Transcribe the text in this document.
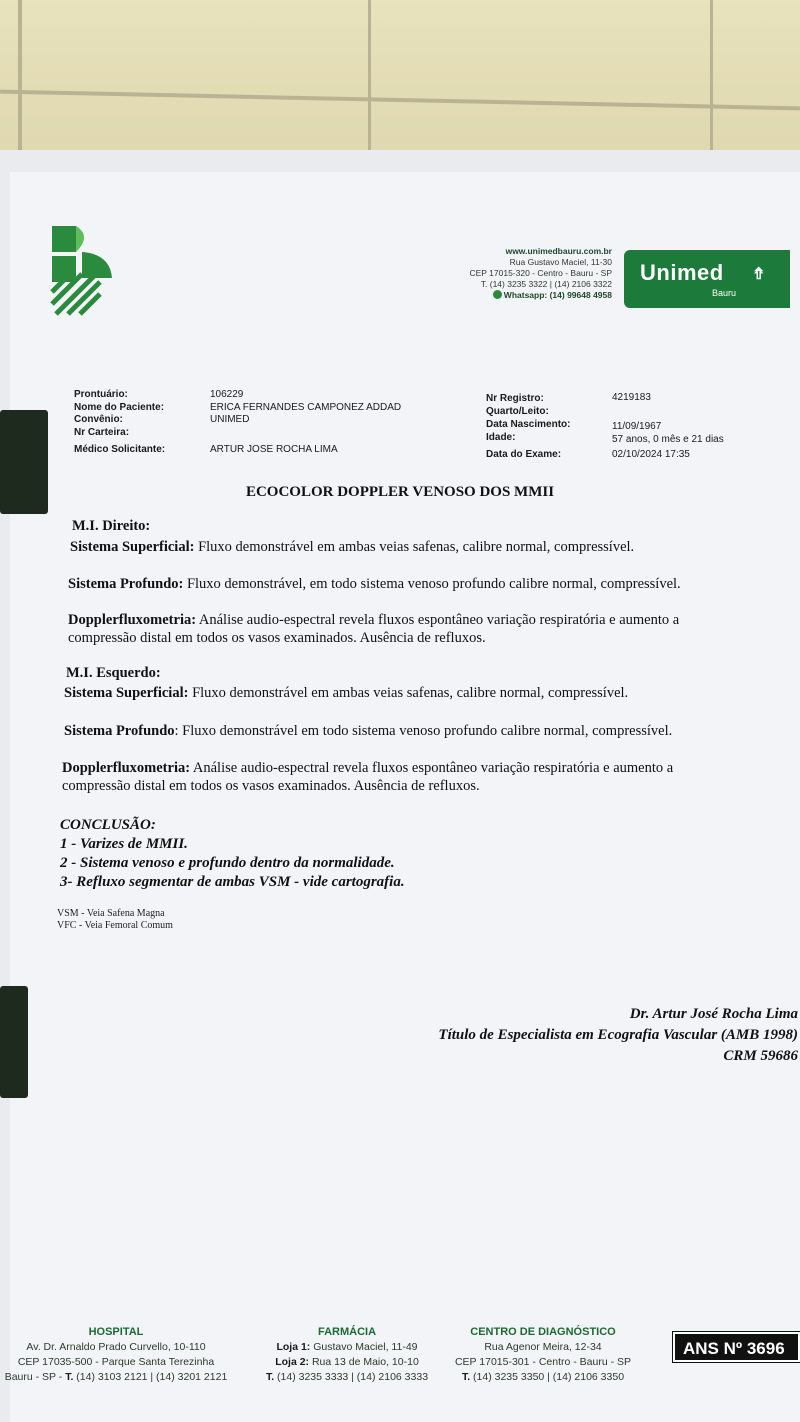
www.unimedbauru.com.br
Rua Gustavo Maciel, 11-30
CEP 17015-320 - Centro - Bauru - SP
T. (14) 3235 3322 | (14) 2106 3322
Whatsapp: (14) 99648 4958
Unimed ⇮
Bauru
Prontuário:	106229
Nome do Paciente:	ERICA FERNANDES CAMPONEZ ADDAD
Convênio:	UNIMED
Nr Carteira:
Médico Solicitante:	ARTUR JOSE ROCHA LIMA
Nr Registro:	4219183
Quarto/Leito:
Data Nascimento:	11/09/1967
Idade:	57 anos, 0 mês e 21 dias
Data do Exame:	02/10/2024 17:35
ECOCOLOR DOPPLER VENOSO DOS MMII
M.I. Direito:
Sistema Superficial: Fluxo demonstrável em ambas veias safenas, calibre normal, compressível.
Sistema Profundo: Fluxo demonstrável, em todo sistema venoso profundo calibre normal, compressível.
Dopplerfluxometria: Análise audio-espectral revela fluxos espontâneo variação respiratória e aumento a
compressão distal em todos os vasos examinados. Ausência de refluxos.
M.I. Esquerdo:
Sistema Superficial: Fluxo demonstrável em ambas veias safenas, calibre normal, compressível.
Sistema Profundo: Fluxo demonstrável em todo sistema venoso profundo calibre normal, compressível.
Dopplerfluxometria: Análise audio-espectral revela fluxos espontâneo variação respiratória e aumento a
compressão distal em todos os vasos examinados. Ausência de refluxos.
CONCLUSÃO:
1 - Varizes de MMII.
2 - Sistema venoso e profundo dentro da normalidade.
3- Refluxo segmentar de ambas VSM - vide cartografia.
VSM - Veia Safena Magna
VFC - Veia Femoral Comum
Dr. Artur José Rocha Lima
Título de Especialista em Ecografia Vascular (AMB 1998)
CRM 59686
HOSPITAL
Av. Dr. Arnaldo Prado Curvello, 10-110
CEP 17035-500 - Parque Santa Terezinha
Bauru - SP - T. (14) 3103 2121 | (14) 3201 2121
FARMÁCIA
Loja 1: Gustavo Maciel, 11-49
Loja 2: Rua 13 de Maio, 10-10
T. (14) 3235 3333 | (14) 2106 3333
CENTRO DE DIAGNÓSTICO
Rua Agenor Meira, 12-34
CEP 17015-301 - Centro - Bauru - SP
T. (14) 3235 3350 | (14) 2106 3350
ANS Nº 3696
